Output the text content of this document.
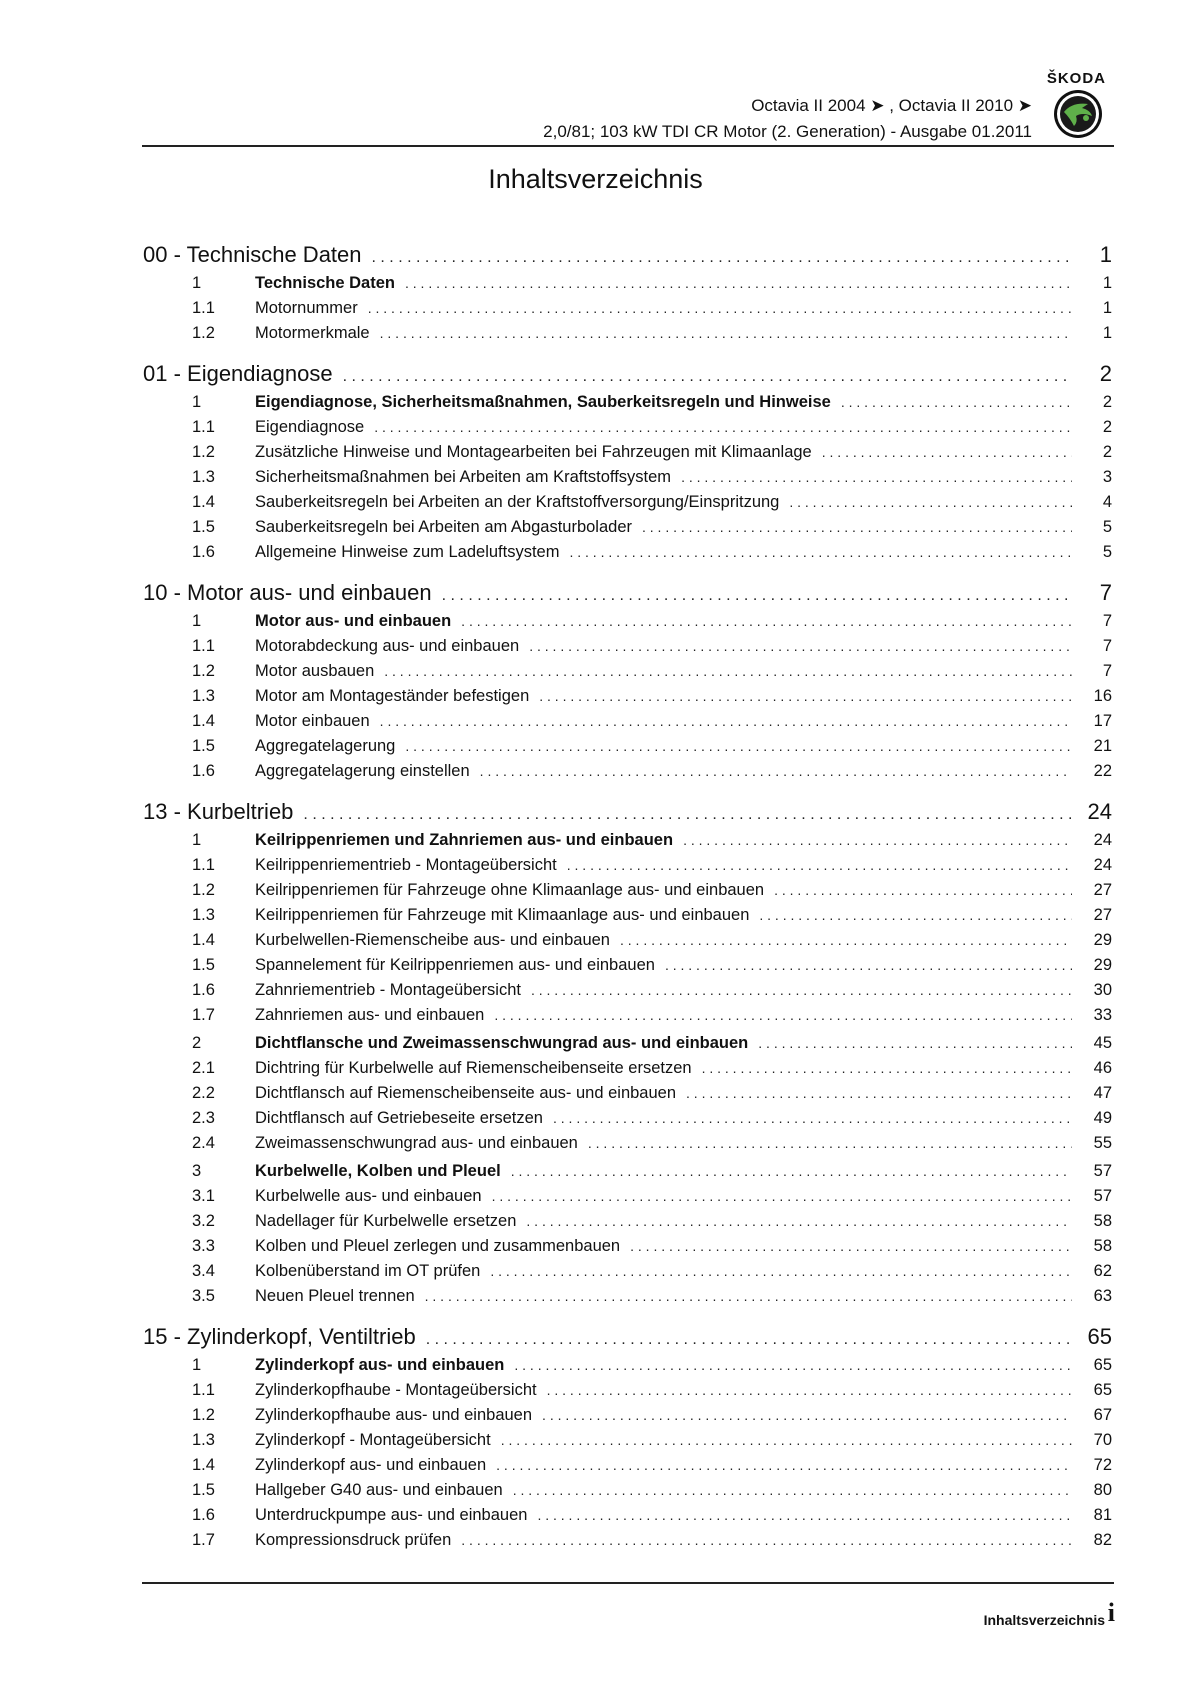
ŠKODA
Octavia II 2004 ➤ , Octavia II 2010 ➤
2,0/81; 103 kW TDI CR Motor (2. Generation) - Ausgabe 01.2011
Inhaltsverzeichnis
00 - Technische Daten . . .	1
1	Technische Daten . . .	1
1.1	Motornummer . . .	1
1.2	Motormerkmale . . .	1
01 - Eigendiagnose . . .	2
1	Eigendiagnose, Sicherheitsmaßnahmen, Sauberkeitsregeln und Hinweise . . .	2
1.1	Eigendiagnose . . .	2
1.2	Zusätzliche Hinweise und Montagearbeiten bei Fahrzeugen mit Klimaanlage . . .	2
1.3	Sicherheitsmaßnahmen bei Arbeiten am Kraftstoffsystem . . .	3
1.4	Sauberkeitsregeln bei Arbeiten an der Kraftstoffversorgung/Einspritzung . . .	4
1.5	Sauberkeitsregeln bei Arbeiten am Abgasturbolader . . .	5
1.6	Allgemeine Hinweise zum Ladeluftsystem . . .	5
10 - Motor aus- und einbauen . . .	7
1	Motor aus- und einbauen . . .	7
1.1	Motorabdeckung aus- und einbauen . . .	7
1.2	Motor ausbauen . . .	7
1.3	Motor am Montageständer befestigen . . .	16
1.4	Motor einbauen . . .	17
1.5	Aggregatelagerung . . .	21
1.6	Aggregatelagerung einstellen . . .	22
13 - Kurbeltrieb . . .	24
1	Keilrippenriemen und Zahnriemen aus- und einbauen . . .	24
1.1	Keilrippenriementrieb - Montageübersicht . . .	24
1.2	Keilrippenriemen für Fahrzeuge ohne Klimaanlage aus- und einbauen . . .	27
1.3	Keilrippenriemen für Fahrzeuge mit Klimaanlage aus- und einbauen . . .	27
1.4	Kurbelwellen-Riemenscheibe aus- und einbauen . . .	29
1.5	Spannelement für Keilrippenriemen aus- und einbauen . . .	29
1.6	Zahnriementrieb - Montageübersicht . . .	30
1.7	Zahnriemen aus- und einbauen . . .	33
2	Dichtflansche und Zweimassenschwungrad aus- und einbauen . . .	45
2.1	Dichtring für Kurbelwelle auf Riemenscheibenseite ersetzen . . .	46
2.2	Dichtflansch auf Riemenscheibenseite aus- und einbauen . . .	47
2.3	Dichtflansch auf Getriebeseite ersetzen . . .	49
2.4	Zweimassenschwungrad aus- und einbauen . . .	55
3	Kurbelwelle, Kolben und Pleuel . . .	57
3.1	Kurbelwelle aus- und einbauen . . .	57
3.2	Nadellager für Kurbelwelle ersetzen . . .	58
3.3	Kolben und Pleuel zerlegen und zusammenbauen . . .	58
3.4	Kolbenüberstand im OT prüfen . . .	62
3.5	Neuen Pleuel trennen . . .	63
15 - Zylinderkopf, Ventiltrieb . . .	65
1	Zylinderkopf aus- und einbauen . . .	65
1.1	Zylinderkopfhaube - Montageübersicht . . .	65
1.2	Zylinderkopfhaube aus- und einbauen . . .	67
1.3	Zylinderkopf - Montageübersicht . . .	70
1.4	Zylinderkopf aus- und einbauen . . .	72
1.5	Hallgeber G40 aus- und einbauen . . .	80
1.6	Unterdruckpumpe aus- und einbauen . . .	81
1.7	Kompressionsdruck prüfen . . .	82
Inhaltsverzeichnis i
